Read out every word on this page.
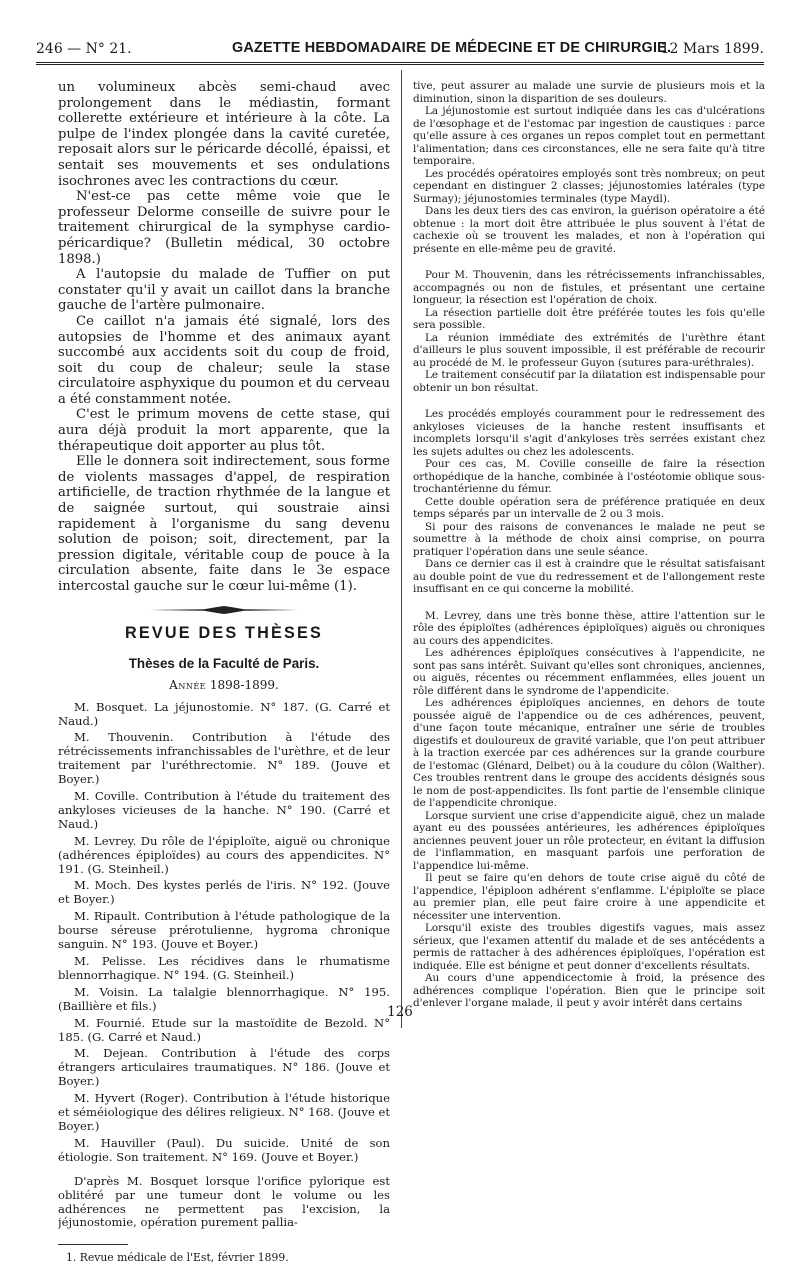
246 — N° 21.	GAZETTE HEBDOMADAIRE DE MÉDECINE ET DE CHIRURGIE.
12 Mars 1899.

un volumineux abcès semi-chaud avec prolongement dans le médiastin, formant collerette extérieure et intérieure à la côte. La pulpe de l'index plongée dans la cavité curetée, reposait alors sur le péricarde décollé, épaissi, et sentait ses mouvements et ses ondulations isochrones avec les contractions du cœur.

N'est-ce pas cette même voie que le professeur Delorme conseille de suivre pour le traitement chirurgical de la symphyse cardio-péricardique? (Bulletin médical, 30 octobre 1898.)

A l'autopsie du malade de Tuffier on put constater qu'il y avait un caillot dans la branche gauche de l'artère pulmonaire.

Ce caillot n'a jamais été signalé, lors des autopsies de l'homme et des animaux ayant succombé aux accidents soit du coup de froid, soit du coup de chaleur; seule la stase circulatoire asphyxique du poumon et du cerveau a été constamment notée.

C'est le primum movens de cette stase, qui aura déjà produit la mort apparente, que la thérapeutique doit apporter au plus tôt.

Elle le donnera soit indirectement, sous forme de violents massages d'appel, de respiration artificielle, de traction rhythmée de la langue et de saignée surtout, qui soustraie ainsi rapidement à l'organisme du sang devenu solution de poison; soit, directement, par la pression digitale, véritable coup de pouce à la circulation absente, faite dans le 3e espace intercostal gauche sur le cœur lui-même (1).

REVUE DES THÈSES
Thèses de la Faculté de Paris.
Année 1898-1899.

M. Bosquet. La jéjunostomie. N° 187. (G. Carré et Naud.)

M. Thouvenin. Contribution à l'étude des rétrécissements infranchissables de l'urèthre, et de leur traitement par l'uréthrectomie. N° 189. (Jouve et Boyer.)

M. Coville. Contribution à l'étude du traitement des ankyloses vicieuses de la hanche. N° 190. (Carré et Naud.)

M. Levrey. Du rôle de l'épiploïte, aiguë ou chronique (adhérences épiploïdes) au cours des appendicites. N° 191. (G. Steinheil.)

M. Moch. Des kystes perlés de l'iris. N° 192. (Jouve et Boyer.)

M. Ripault. Contribution à l'étude pathologique de la bourse séreuse prérotulienne, hygroma chronique sanguin. N° 193. (Jouve et Boyer.)

M. Pelisse. Les récidives dans le rhumatisme blennorrhagique. N° 194. (G. Steinheil.)

M. Voisin. La talalgie blennorrhagique. N° 195. (Baillière et fils.)

M. Fournié. Etude sur la mastoïdite de Bezold. N° 185. (G. Carré et Naud.)

M. Dejean. Contribution à l'étude des corps étrangers articulaires traumatiques. N° 186. (Jouve et Boyer.)

M. Hyvert (Roger). Contribution à l'étude historique et séméiologique des délires religieux. N° 168. (Jouve et Boyer.)

M. Hauviller (Paul). Du suicide. Unité de son étiologie. Son traitement. N° 169. (Jouve et Boyer.)

D'après M. Bosquet lorsque l'orifice pylorique est oblitéré par une tumeur dont le volume ou les adhérences ne permettent pas l'excision, la jéjunostomie, opération purement pallia-

1. Revue médicale de l'Est, février 1899.

tive, peut assurer au malade une survie de plusieurs mois et la diminution, sinon la disparition de ses douleurs.

La jéjunostomie est surtout indiquée dans les cas d'ulcérations de l'œsophage et de l'estomac par ingestion de caustiques : parce qu'elle assure à ces organes un repos complet tout en permettant l'alimentation; dans ces circonstances, elle ne sera faite qu'à titre temporaire.

Les procédés opératoires employés sont très nombreux; on peut cependant en distinguer 2 classes; jéjunostomies latérales (type Surmay); jéjunostomies terminales (type Maydl).

Dans les deux tiers des cas environ, la guérison opératoire a été obtenue : la mort doit être attribuée le plus souvent à l'état de cachexie où se trouvent les malades, et non à l'opération qui présente en elle-même peu de gravité.

Pour M. Thouvenin, dans les rétrécissements infranchissables, accompagnés ou non de fistules, et présentant une certaine longueur, la résection est l'opération de choix.

La résection partielle doit être préférée toutes les fois qu'elle sera possible.

La réunion immédiate des extrémités de l'urèthre étant d'ailleurs le plus souvent impossible, il est préférable de recourir au procédé de M. le professeur Guyon (sutures para-uréthrales).

Le traitement consécutif par la dilatation est indispensable pour obtenir un bon résultat.

Les procédés employés couramment pour le redressement des ankyloses vicieuses de la hanche restent insuffisants et incomplets lorsqu'il s'agit d'ankyloses très serrées existant chez les sujets adultes ou chez les adolescents.

Pour ces cas, M. Coville conseille de faire la résection orthopédique de la hanche, combinée à l'ostéotomie oblique sous-trochantérienne du fémur.

Cette double opération sera de préférence pratiquée en deux temps séparés par un intervalle de 2 ou 3 mois.

Si pour des raisons de convenances le malade ne peut se soumettre à la méthode de choix ainsi comprise, on pourra pratiquer l'opération dans une seule séance.

Dans ce dernier cas il est à craindre que le résultat satisfaisant au double point de vue du redressement et de l'allongement reste insuffisant en ce qui concerne la mobilité.

M. Levrey, dans une très bonne thèse, attire l'attention sur le rôle des épiploïtes (adhérences épiploïques) aiguës ou chroniques au cours des appendicites.

Les adhérences épiploïques consécutives à l'appendicite, ne sont pas sans intérêt. Suivant qu'elles sont chroniques, anciennes, ou aiguës, récentes ou récemment enflammées, elles jouent un rôle différent dans le syndrome de l'appendicite.

Les adhérences épiploïques anciennes, en dehors de toute poussée aiguë de l'appendice ou de ces adhérences, peuvent, d'une façon toute mécanique, entraîner une série de troubles digestifs et douloureux de gravité variable, que l'on peut attribuer à la traction exercée par ces adhérences sur la grande courbure de l'estomac (Glénard, Delbet) ou à la coudure du côlon (Walther). Ces troubles rentrent dans le groupe des accidents désignés sous le nom de post-appendicites. Ils font partie de l'ensemble clinique de l'appendicite chronique.

Lorsque survient une crise d'appendicite aiguë, chez un malade ayant eu des poussées antérieures, les adhérences épiploïques anciennes peuvent jouer un rôle protecteur, en évitant la diffusion de l'inflammation, en masquant parfois une perforation de l'appendice lui-même.

Il peut se faire qu'en dehors de toute crise aiguë du côté de l'appendice, l'épiploon adhérent s'enflamme. L'épiploïte se place au premier plan, elle peut faire croire à une appendicite et nécessiter une intervention.

Lorsqu'il existe des troubles digestifs vagues, mais assez sérieux, que l'examen attentif du malade et de ses antécédents a permis de rattacher à des adhérences épiploïques, l'opération est indiquée. Elle est bénigne et peut donner d'excellents résultats.

Au cours d'une appendicectomie à froid, la présence des adhérences complique l'opération. Bien que le principe soit d'enlever l'organe malade, il peut y avoir intérêt dans certains

126
